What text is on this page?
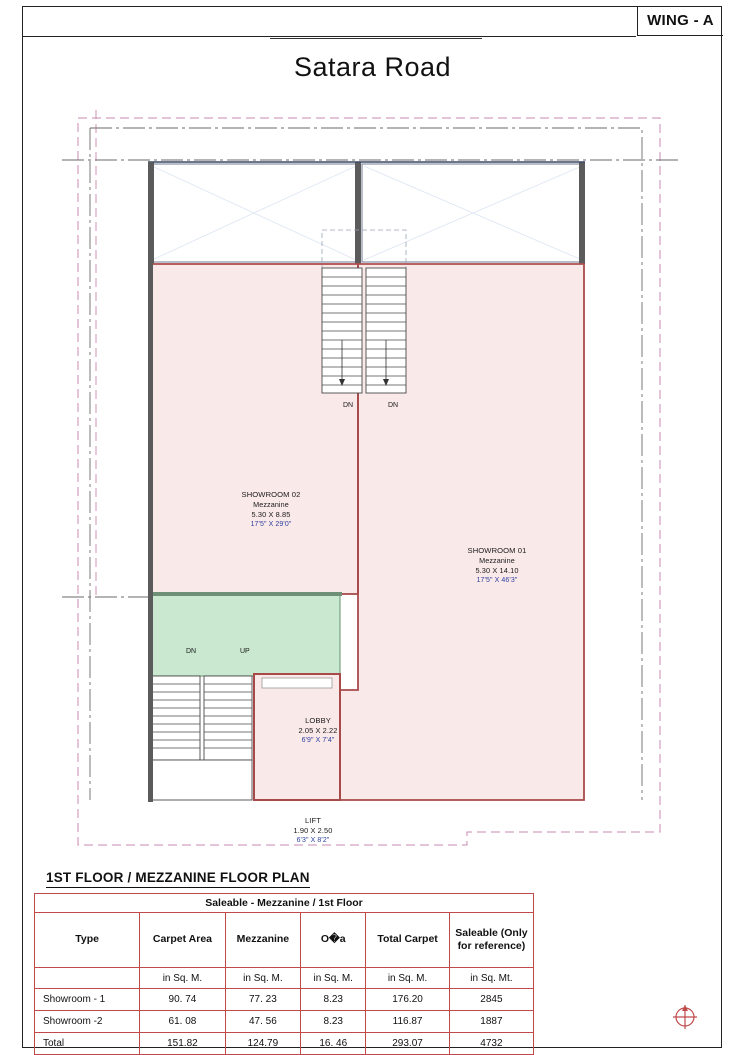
WING - A
Satara Road
SHOWROOM 02
Mezzanine
5.30 X 8.85
17'5" X 29'0"
SHOWROOM 01
Mezzanine
5.30 X 14.10
17'5" X 46'3"
LOBBY
2.05 X 2.22
6'9" X 7'4"
LIFT
1.90 X 2.50
6'3" X 8'2"
DN	DN
DN	UP
1ST FLOOR / MEZZANINE FLOOR PLAN
Saleable - Mezzanine / 1st Floor					
Type	Carpet Area	Mezzanine	O�a	Total Carpet	Saleable (Only for reference)
	in Sq. M.	in Sq. M.	in Sq. M.	in Sq. M.	in Sq. Mt.
Showroom - 1	90. 74	77. 23	8.23	176.20	2845
Showroom -2	61. 08	47. 56	8.23	116.87	1887
Total	151.82	124.79	16. 46	293.07	4732
